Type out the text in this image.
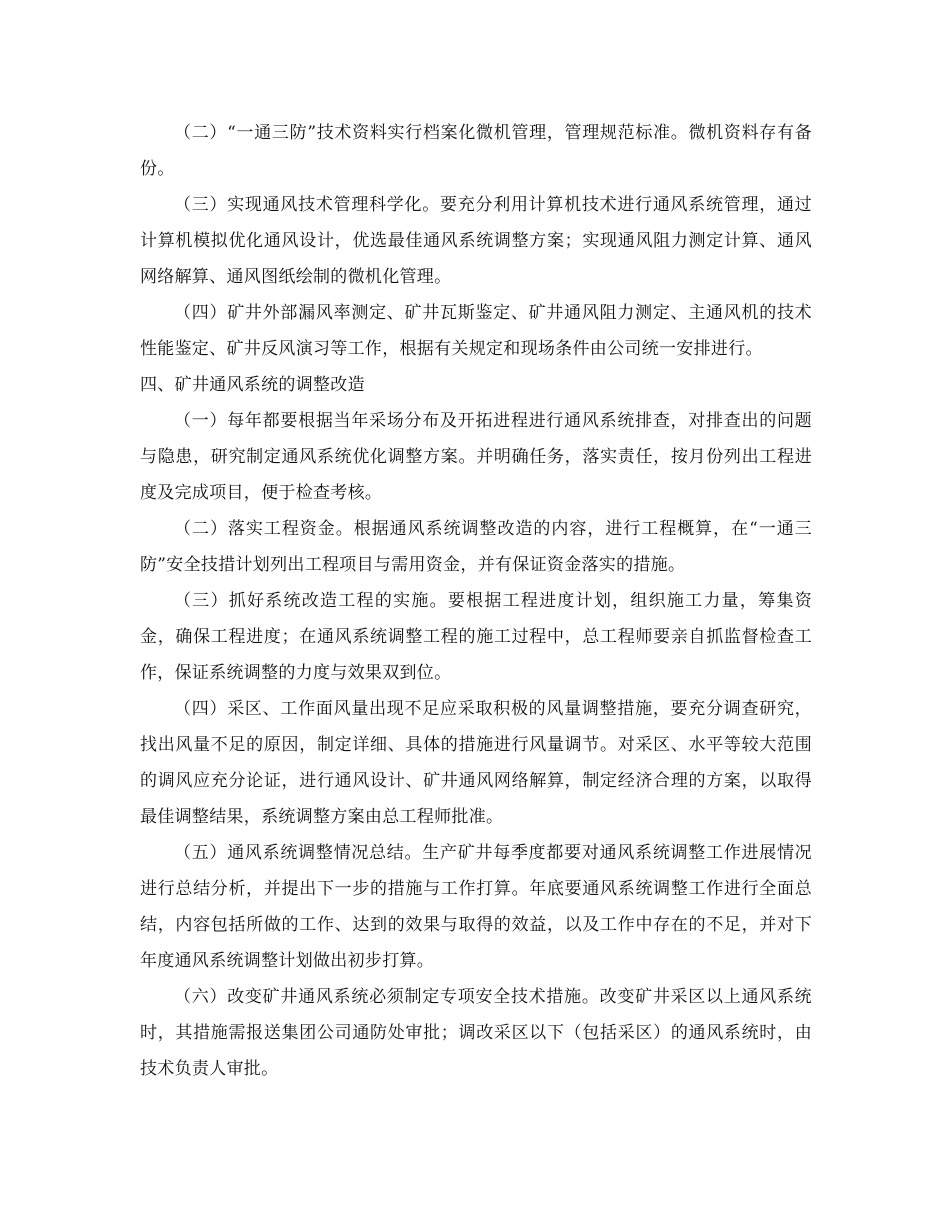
（二）“一通三防”技术资料实行档案化微机管理，管理规范标准。微机资料存有备份。

（三）实现通风技术管理科学化。要充分利用计算机技术进行通风系统管理，通过计算机模拟优化通风设计，优选最佳通风系统调整方案；实现通风阻力测定计算、通风网络解算、通风图纸绘制的微机化管理。

（四）矿井外部漏风率测定、矿井瓦斯鉴定、矿井通风阻力测定、主通风机的技术性能鉴定、矿井反风演习等工作，根据有关规定和现场条件由公司统一安排进行。

四、矿井通风系统的调整改造

（一）每年都要根据当年采场分布及开拓进程进行通风系统排查，对排查出的问题与隐患，研究制定通风系统优化调整方案。并明确任务，落实责任，按月份列出工程进度及完成项目，便于检查考核。

（二）落实工程资金。根据通风系统调整改造的内容，进行工程概算，在“一通三防”安全技措计划列出工程项目与需用资金，并有保证资金落实的措施。

（三）抓好系统改造工程的实施。要根据工程进度计划，组织施工力量，筹集资金，确保工程进度；在通风系统调整工程的施工过程中，总工程师要亲自抓监督检查工作，保证系统调整的力度与效果双到位。

（四）采区、工作面风量出现不足应采取积极的风量调整措施，要充分调查研究，找出风量不足的原因，制定详细、具体的措施进行风量调节。对采区、水平等较大范围的调风应充分论证，进行通风设计、矿井通风网络解算，制定经济合理的方案，以取得最佳调整结果，系统调整方案由总工程师批准。

（五）通风系统调整情况总结。生产矿井每季度都要对通风系统调整工作进展情况进行总结分析，并提出下一步的措施与工作打算。年底要通风系统调整工作进行全面总结，内容包括所做的工作、达到的效果与取得的效益，以及工作中存在的不足，并对下年度通风系统调整计划做出初步打算。

（六）改变矿井通风系统必须制定专项安全技术措施。改变矿井采区以上通风系统时，其措施需报送集团公司通防处审批；调改采区以下（包括采区）的通风系统时，由技术负责人审批。
